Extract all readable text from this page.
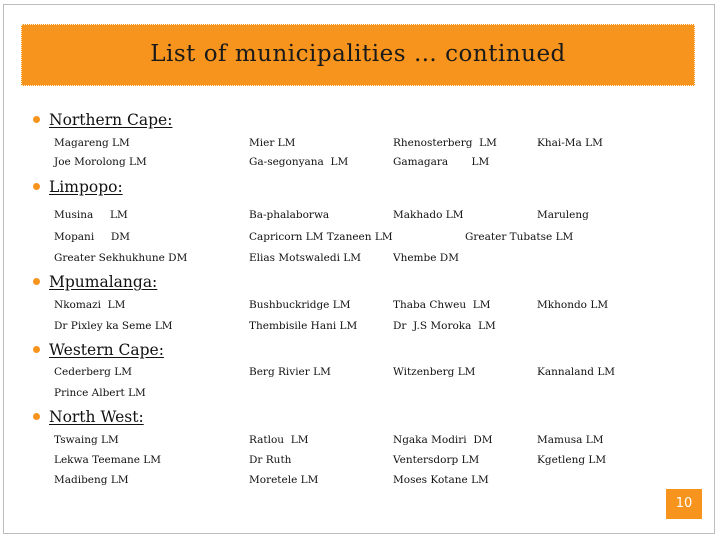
List of municipalities … continued
Northern Cape:
Magareng LM	Mier LM	Rhenosterberg  LM	Khai-Ma LM
Joe Morolong LM	Ga-segonyana  LM	Gamagara       LM
Limpopo:
Musina     LM	Ba-phalaborwa	Makhado LM	Maruleng
Mopani     DM	Capricorn LM Tzaneen LM	Greater Tubatse LM
Greater Sekhukhune DM	Elias Motswaledi LM	Vhembe DM
Mpumalanga:
Nkomazi  LM	Bushbuckridge LM	Thaba Chweu  LM	Mkhondo LM
Dr Pixley ka Seme LM	Thembisile Hani LM	Dr  J.S Moroka  LM
Western Cape:
Cederberg LM	Berg Rivier LM	Witzenberg LM	Kannaland LM
Prince Albert LM
North West:
Tswaing LM	Ratlou  LM	Ngaka Modiri  DM	Mamusa LM
Lekwa Teemane LM	Dr Ruth	Ventersdorp LM	Kgetleng LM
Madibeng LM	Moretele LM	Moses Kotane LM
10
